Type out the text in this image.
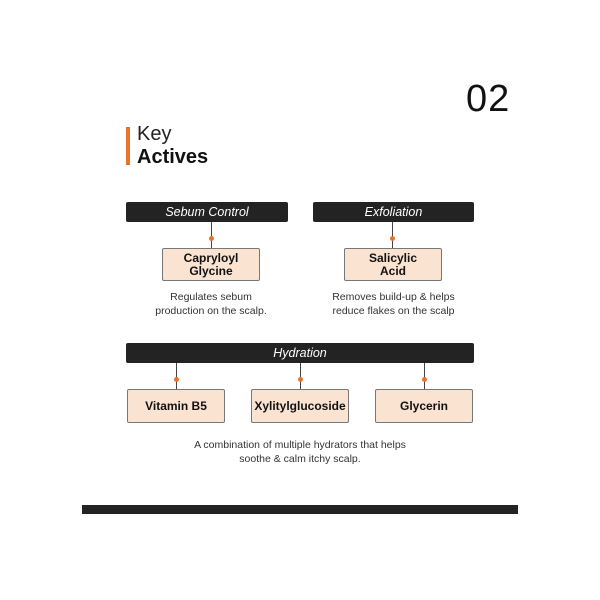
02
Key
Actives
Sebum Control
Capryloyl
Glycine
Regulates sebum
production on the scalp.
Exfoliation
Salicylic
Acid
Removes build-up & helps
reduce flakes on the scalp
Hydration
Vitamin B5	Xylitylglucoside	Glycerin
A combination of multiple hydrators that helps
soothe & calm itchy scalp.
